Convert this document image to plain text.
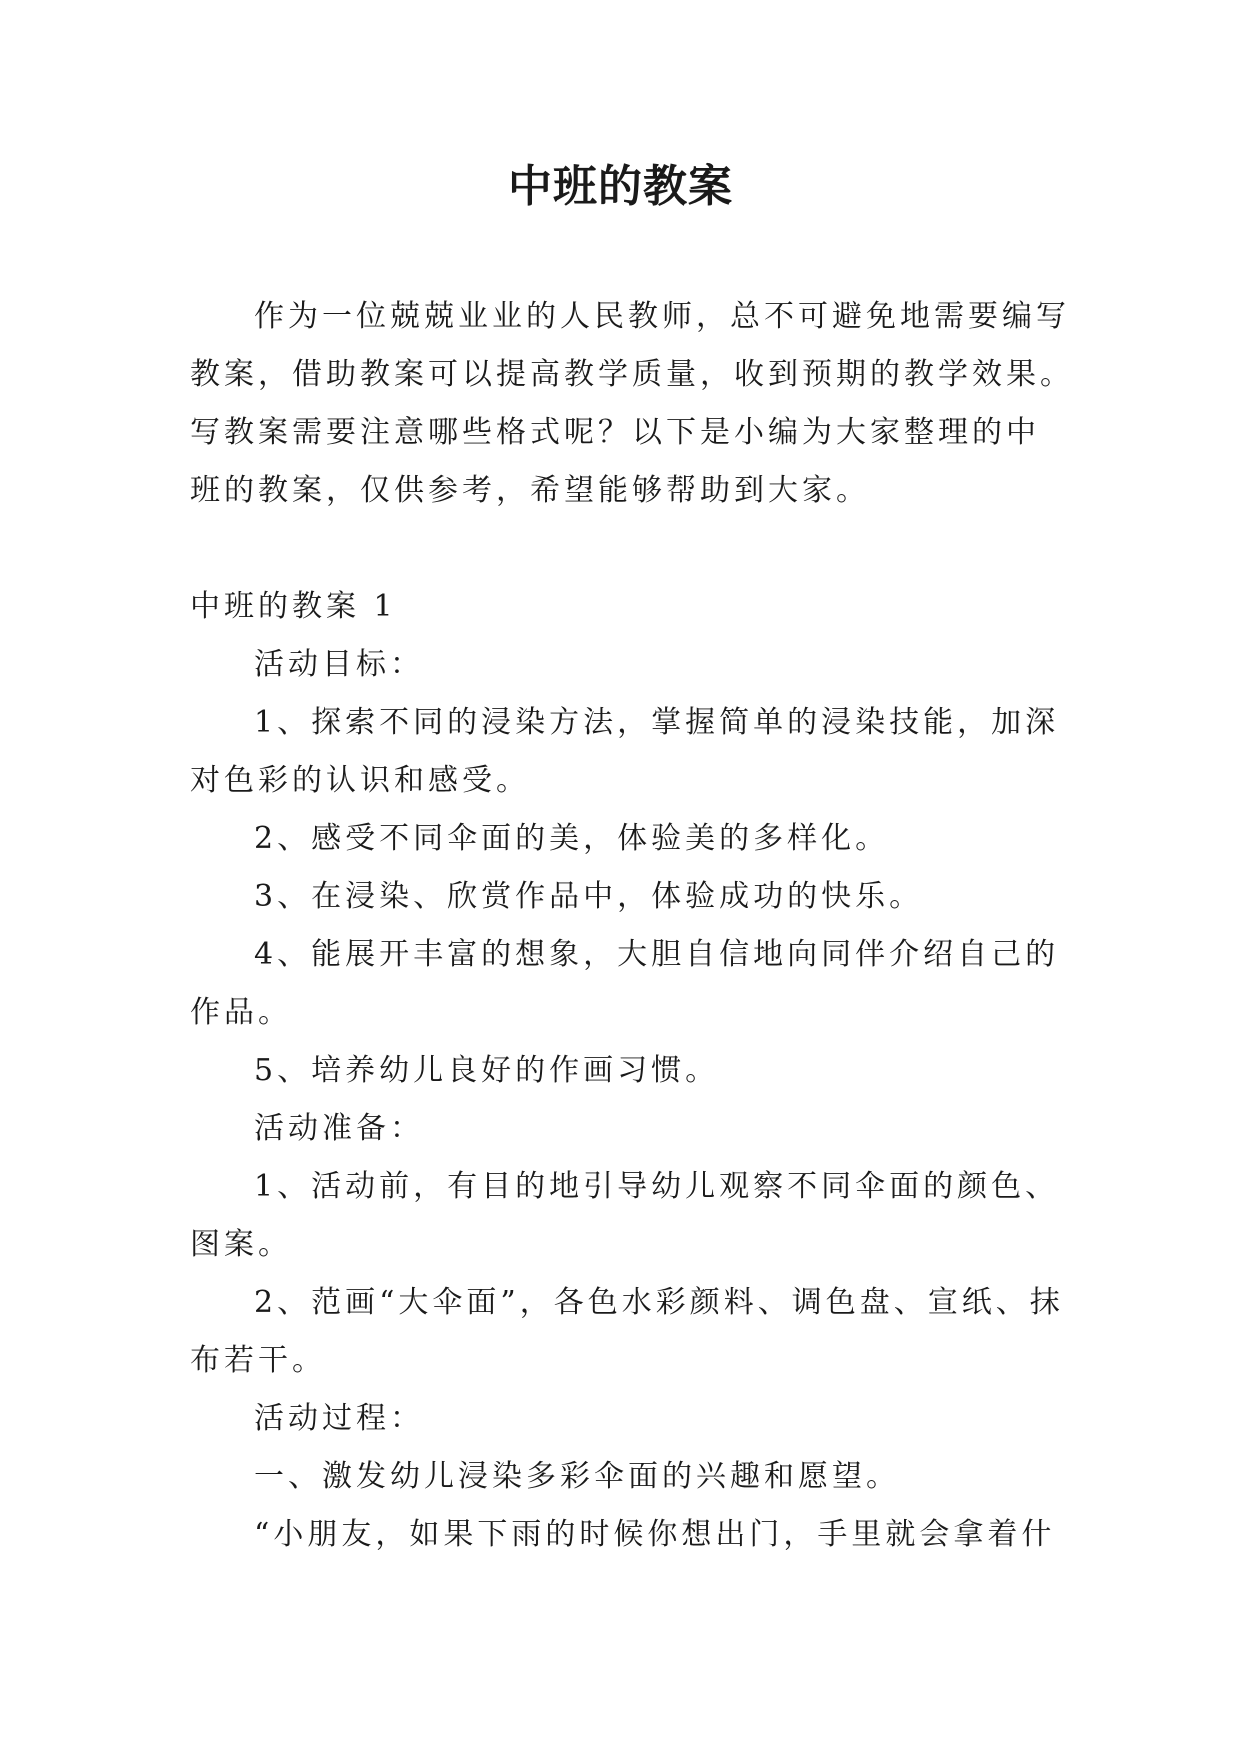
中班的教案
作为一位兢兢业业的人民教师，总不可避免地需要编写
教案，借助教案可以提高教学质量，收到预期的教学效果。
写教案需要注意哪些格式呢？以下是小编为大家整理的中
班的教案，仅供参考，希望能够帮助到大家。
中班的教案 1
活动目标：
1、探索不同的浸染方法，掌握简单的浸染技能，加深
对色彩的认识和感受。
2、感受不同伞面的美，体验美的多样化。
3、在浸染、欣赏作品中，体验成功的快乐。
4、能展开丰富的想象，大胆自信地向同伴介绍自己的
作品。
5、培养幼儿良好的作画习惯。
活动准备：
1、活动前，有目的地引导幼儿观察不同伞面的颜色、
图案。
2、范画“大伞面”，各色水彩颜料、调色盘、宣纸、抹
布若干。
活动过程：
一、激发幼儿浸染多彩伞面的兴趣和愿望。
“小朋友，如果下雨的时候你想出门，手里就会拿着什
